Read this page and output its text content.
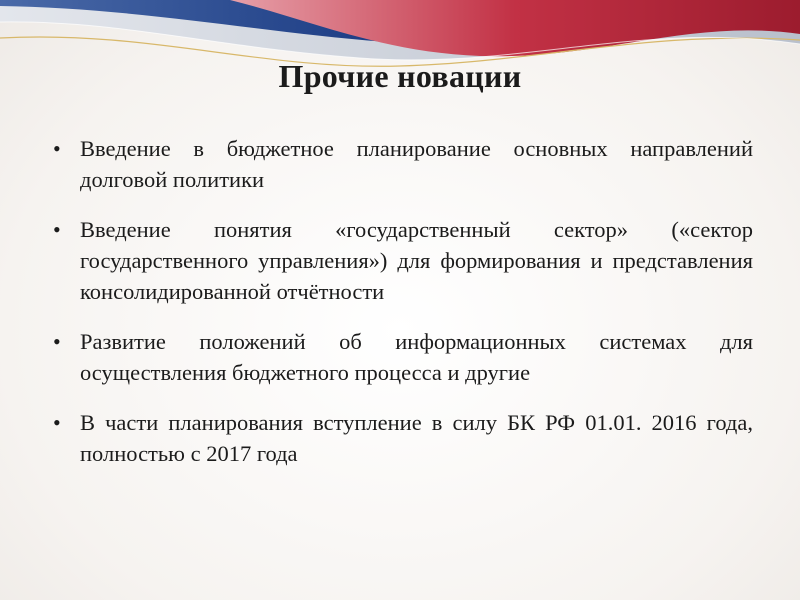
Прочие новации
• Введение в бюджетное планирование основных направлений долговой политики
• Введение понятия «государственный сектор» («сектор государственного управления») для формирования и представления консолидированной отчётности
• Развитие положений об информационных системах для осуществления бюджетного процесса и другие
• В части планирования вступление в силу БК РФ 01.01. 2016 года, полностью с 2017 года
